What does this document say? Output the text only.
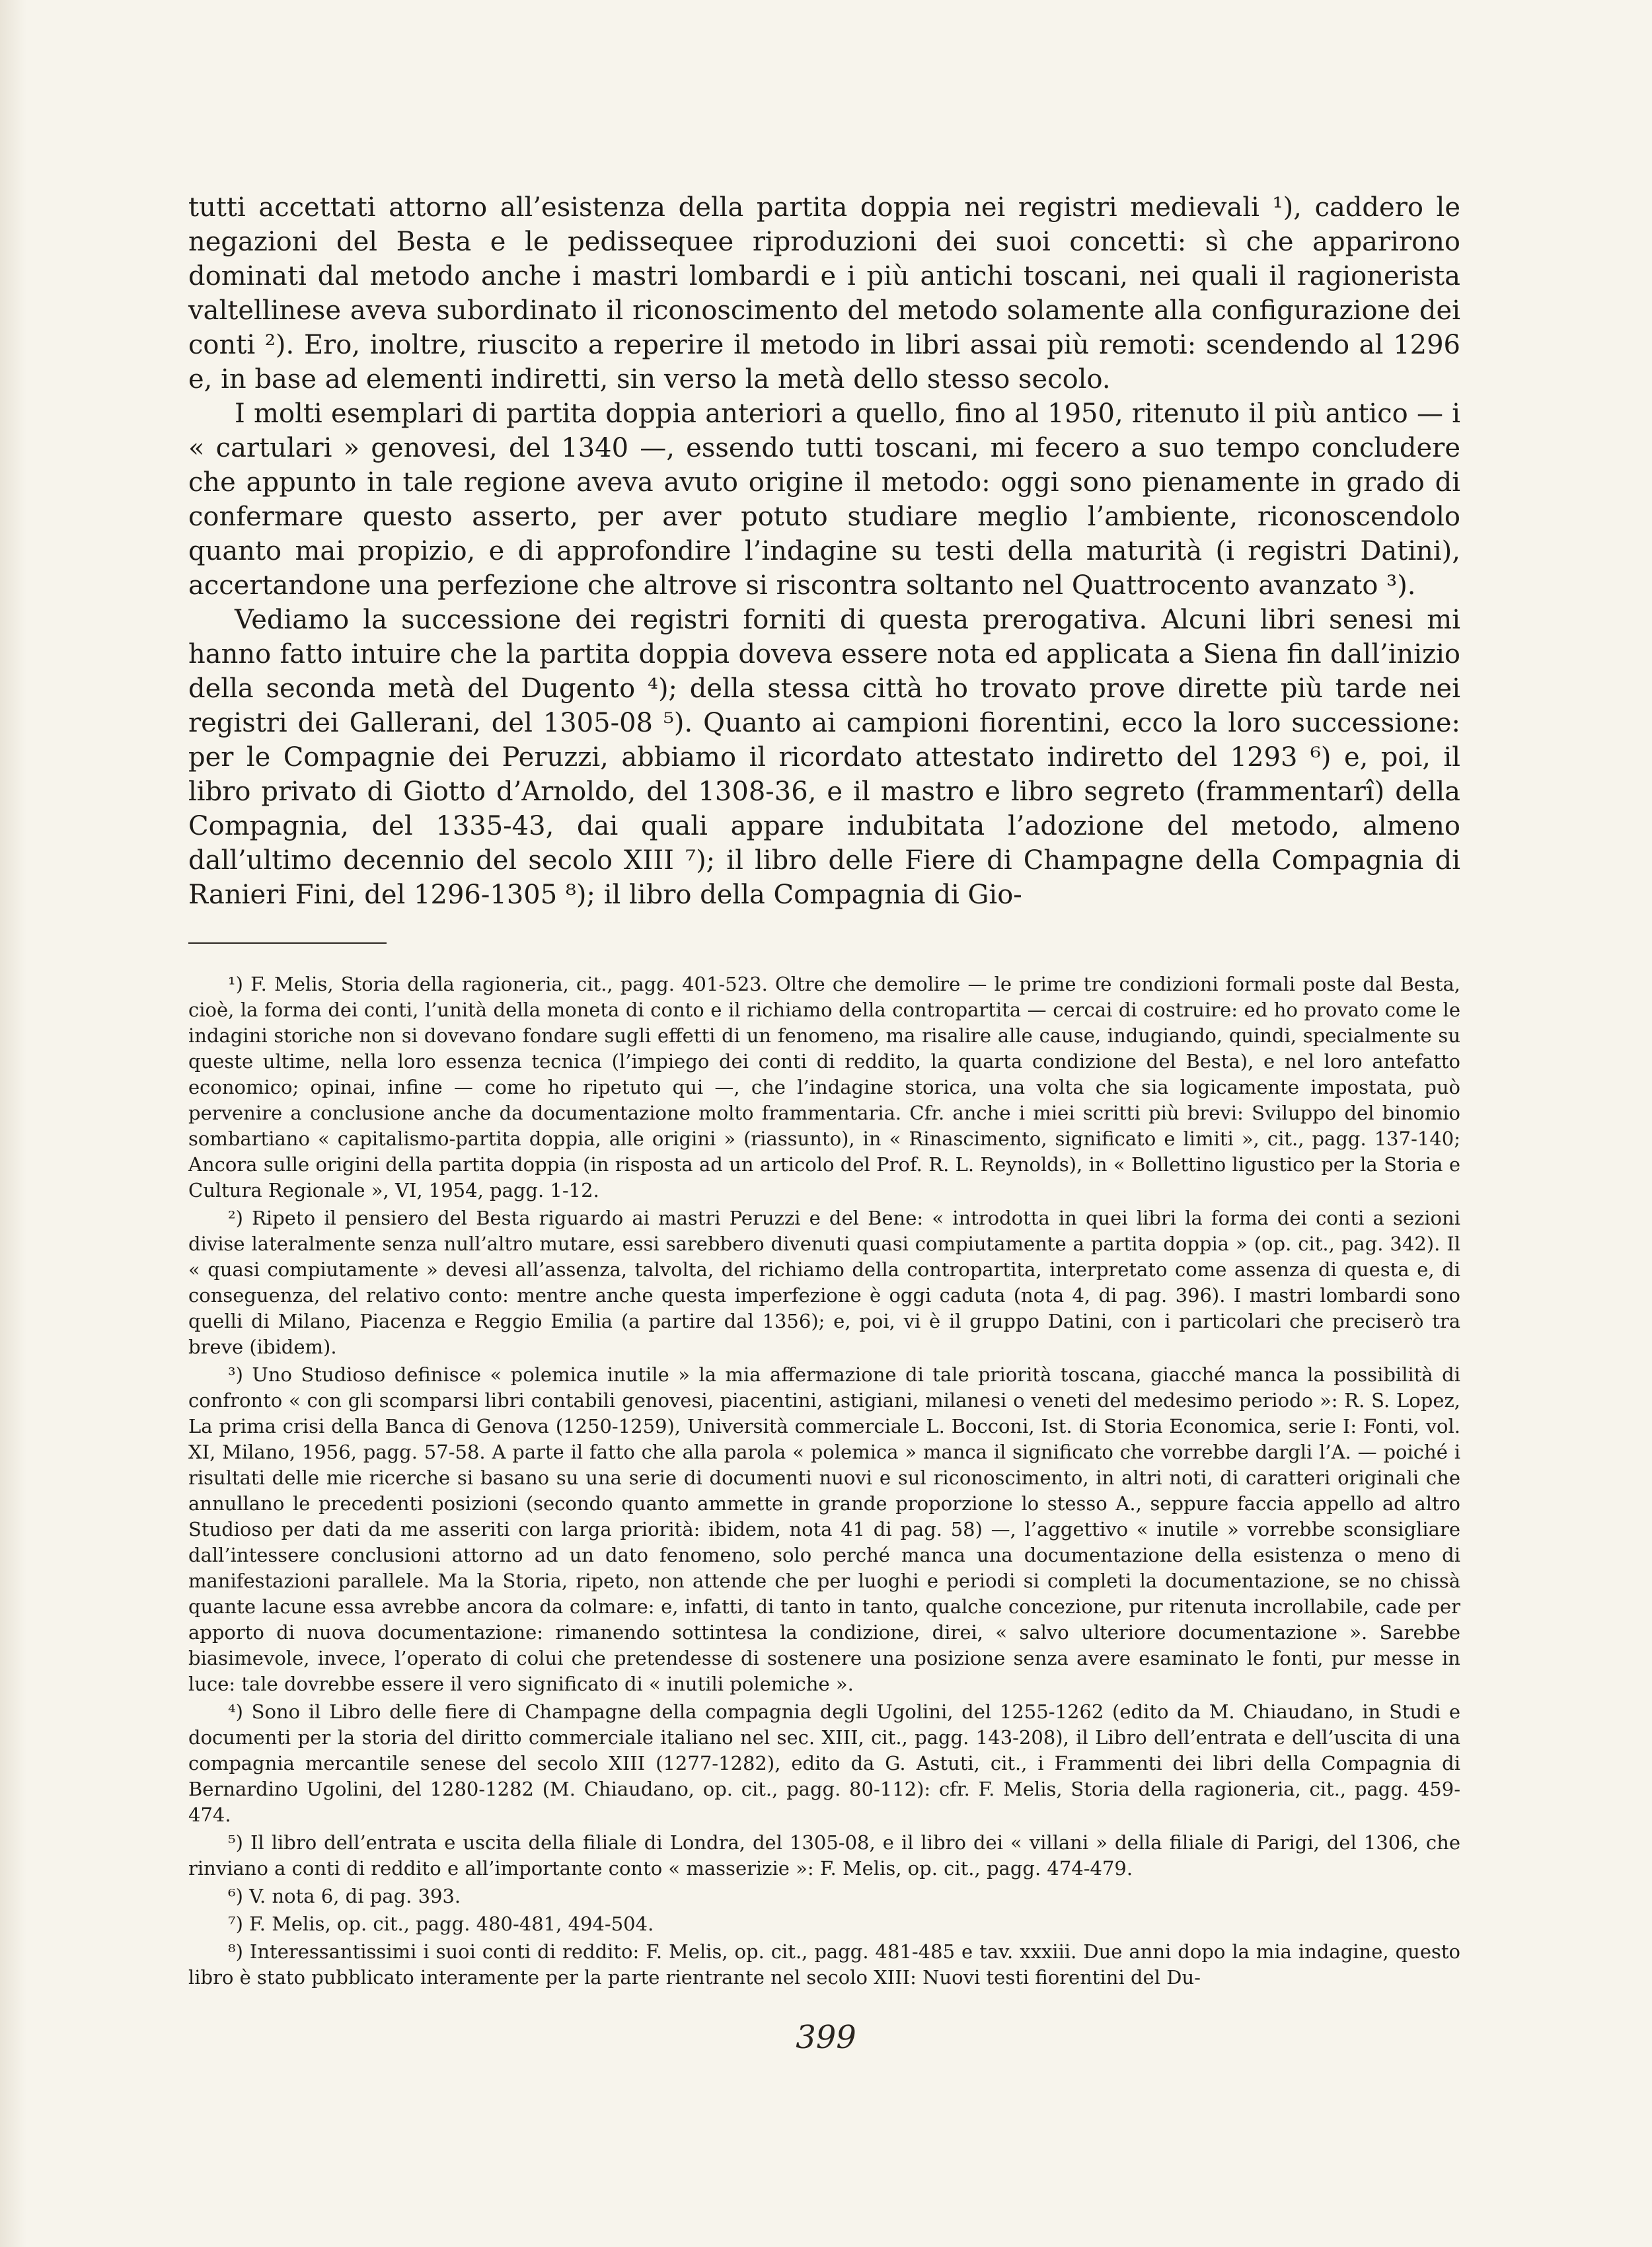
tutti accettati attorno all’esistenza della partita doppia nei registri medievali ¹), caddero le negazioni del Besta e le pedissequee riproduzioni dei suoi concetti: sì che apparirono dominati dal metodo anche i mastri lombardi e i più antichi toscani, nei quali il ragionerista valtellinese aveva subordinato il riconoscimento del metodo solamente alla configurazione dei conti ²). Ero, inoltre, riuscito a reperire il metodo in libri assai più remoti: scendendo al 1296 e, in base ad elementi indiretti, sin verso la metà dello stesso secolo.

I molti esemplari di partita doppia anteriori a quello, fino al 1950, ritenuto il più antico — i « cartulari » genovesi, del 1340 —, essendo tutti toscani, mi fecero a suo tempo concludere che appunto in tale regione aveva avuto origine il metodo: oggi sono pienamente in grado di confermare questo asserto, per aver potuto studiare meglio l’ambiente, riconoscendolo quanto mai propizio, e di approfondire l’indagine su testi della maturità (i registri Datini), accertandone una perfezione che altrove si riscontra soltanto nel Quattrocento avanzato ³).

Vediamo la successione dei registri forniti di questa prerogativa. Alcuni libri senesi mi hanno fatto intuire che la partita doppia doveva essere nota ed applicata a Siena fin dall’inizio della seconda metà del Dugento ⁴); della stessa città ho trovato prove dirette più tarde nei registri dei Gallerani, del 1305-08 ⁵). Quanto ai campioni fiorentini, ecco la loro successione: per le Compagnie dei Peruzzi, abbiamo il ricordato attestato indiretto del 1293 ⁶) e, poi, il libro privato di Giotto d’Arnoldo, del 1308-36, e il mastro e libro segreto (frammentarî) della Compagnia, del 1335-43, dai quali appare indubitata l’adozione del metodo, almeno dall’ultimo decennio del secolo XIII ⁷); il libro delle Fiere di Champagne della Compagnia di Ranieri Fini, del 1296-1305 ⁸); il libro della Compagnia di Gio-

¹) F. Melis, Storia della ragioneria, cit., pagg. 401-523. Oltre che demolire — le prime tre condizioni formali poste dal Besta, cioè, la forma dei conti, l’unità della moneta di conto e il richiamo della contropartita — cercai di costruire: ed ho provato come le indagini storiche non si dovevano fondare sugli effetti di un fenomeno, ma risalire alle cause, indugiando, quindi, specialmente su queste ultime, nella loro essenza tecnica (l’impiego dei conti di reddito, la quarta condizione del Besta), e nel loro antefatto economico; opinai, infine — come ho ripetuto qui —, che l’indagine storica, una volta che sia logicamente impostata, può pervenire a conclusione anche da documentazione molto frammentaria. Cfr. anche i miei scritti più brevi: Sviluppo del binomio sombartiano « capitalismo-partita doppia, alle origini » (riassunto), in « Rinascimento, significato e limiti », cit., pagg. 137-140; Ancora sulle origini della partita doppia (in risposta ad un articolo del Prof. R. L. Reynolds), in « Bollettino ligustico per la Storia e Cultura Regionale », VI, 1954, pagg. 1-12.

²) Ripeto il pensiero del Besta riguardo ai mastri Peruzzi e del Bene: « introdotta in quei libri la forma dei conti a sezioni divise lateralmente senza null’altro mutare, essi sarebbero divenuti quasi compiutamente a partita doppia » (op. cit., pag. 342). Il « quasi compiutamente » devesi all’assenza, talvolta, del richiamo della contropartita, interpretato come assenza di questa e, di conseguenza, del relativo conto: mentre anche questa imperfezione è oggi caduta (nota 4, di pag. 396). I mastri lombardi sono quelli di Milano, Piacenza e Reggio Emilia (a partire dal 1356); e, poi, vi è il gruppo Datini, con i particolari che preciserò tra breve (ibidem).

³) Uno Studioso definisce « polemica inutile » la mia affermazione di tale priorità toscana, giacché manca la possibilità di confronto « con gli scomparsi libri contabili genovesi, piacentini, astigiani, milanesi o veneti del medesimo periodo »: R. S. Lopez, La prima crisi della Banca di Genova (1250-1259), Università commerciale L. Bocconi, Ist. di Storia Economica, serie I: Fonti, vol. XI, Milano, 1956, pagg. 57-58. A parte il fatto che alla parola « polemica » manca il significato che vorrebbe dargli l’A. — poiché i risultati delle mie ricerche si basano su una serie di documenti nuovi e sul riconoscimento, in altri noti, di caratteri originali che annullano le precedenti posizioni (secondo quanto ammette in grande proporzione lo stesso A., seppure faccia appello ad altro Studioso per dati da me asseriti con larga priorità: ibidem, nota 41 di pag. 58) —, l’aggettivo « inutile » vorrebbe sconsigliare dall’intessere conclusioni attorno ad un dato fenomeno, solo perché manca una documentazione della esistenza o meno di manifestazioni parallele. Ma la Storia, ripeto, non attende che per luoghi e periodi si completi la documentazione, se no chissà quante lacune essa avrebbe ancora da colmare: e, infatti, di tanto in tanto, qualche concezione, pur ritenuta incrollabile, cade per apporto di nuova documentazione: rimanendo sottintesa la condizione, direi, « salvo ulteriore documentazione ». Sarebbe biasimevole, invece, l’operato di colui che pretendesse di sostenere una posizione senza avere esaminato le fonti, pur messe in luce: tale dovrebbe essere il vero significato di « inutili polemiche ».

⁴) Sono il Libro delle fiere di Champagne della compagnia degli Ugolini, del 1255-1262 (edito da M. Chiaudano, in Studi e documenti per la storia del diritto commerciale italiano nel sec. XIII, cit., pagg. 143-208), il Libro dell’entrata e dell’uscita di una compagnia mercantile senese del secolo XIII (1277-1282), edito da G. Astuti, cit., i Frammenti dei libri della Compagnia di Bernardino Ugolini, del 1280-1282 (M. Chiaudano, op. cit., pagg. 80-112): cfr. F. Melis, Storia della ragioneria, cit., pagg. 459-474.

⁵) Il libro dell’entrata e uscita della filiale di Londra, del 1305-08, e il libro dei « villani » della filiale di Parigi, del 1306, che rinviano a conti di reddito e all’importante conto « masserizie »: F. Melis, op. cit., pagg. 474-479.

⁶) V. nota 6, di pag. 393.

⁷) F. Melis, op. cit., pagg. 480-481, 494-504.

⁸) Interessantissimi i suoi conti di reddito: F. Melis, op. cit., pagg. 481-485 e tav. xxxiii. Due anni dopo la mia indagine, questo libro è stato pubblicato interamente per la parte rientrante nel secolo XIII: Nuovi testi fiorentini del Du-

399
